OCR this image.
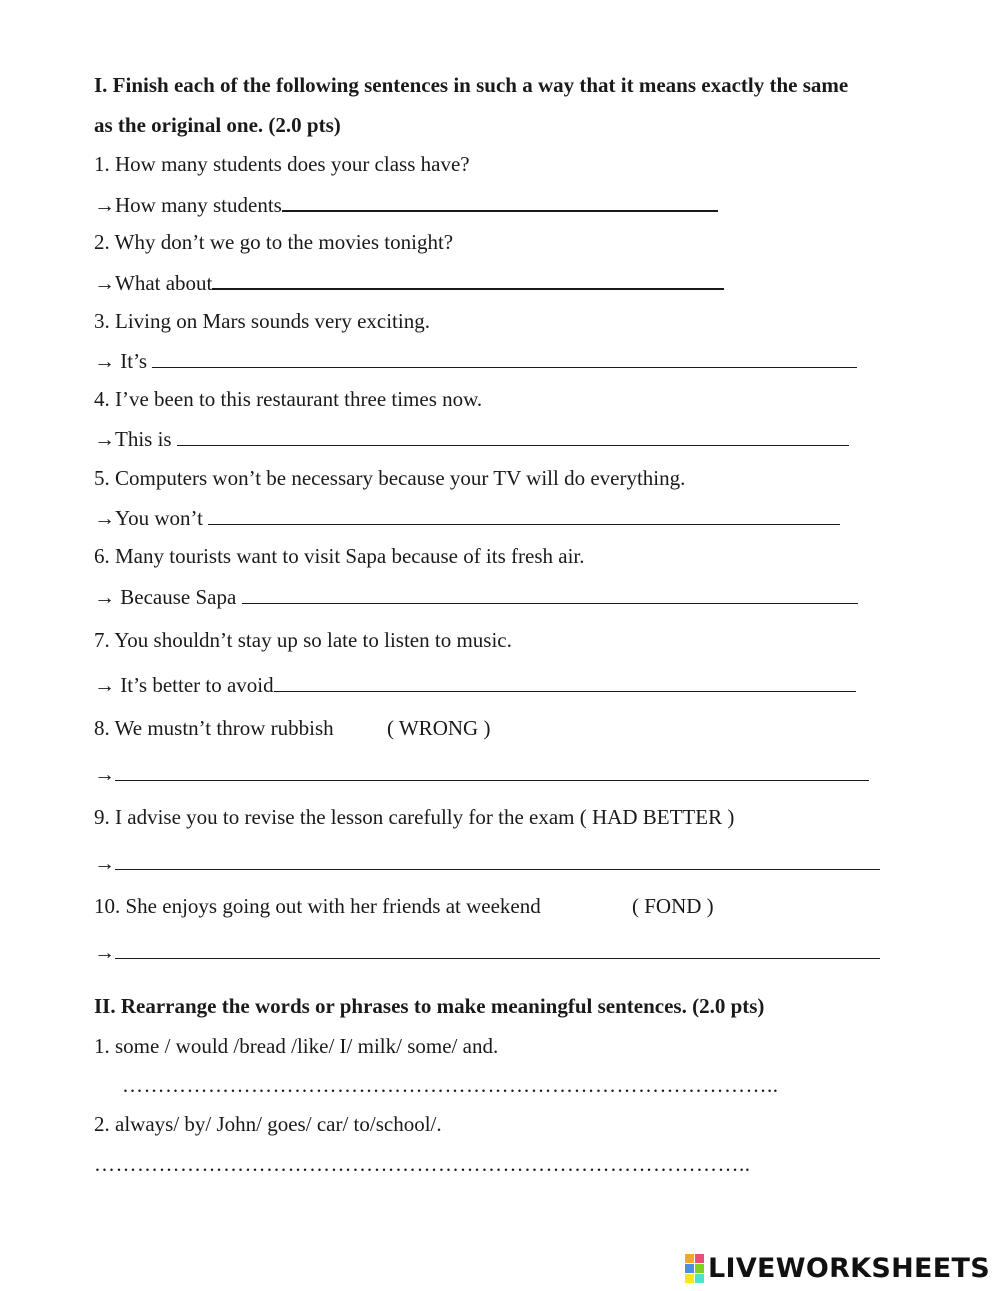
I. Finish each of the following sentences in such a way that it means exactly the same
as the original one. (2.0 pts)
1. How many students does your class have?
→How many students
2. Why don’t we go to the movies tonight?
→What about
3. Living on Mars sounds very exciting.
→ It’s
4. I’ve been to this restaurant three times now.
→This is
5. Computers won’t be necessary because your TV will do everything.
→You won’t
6. Many tourists want to visit Sapa because of its fresh air.
→ Because Sapa
7. You shouldn’t stay up so late to listen to music.
→ It’s better to avoid
8. We mustn’t throw rubbish	( WRONG )
→
9. I advise you to revise the lesson carefully for the exam ( HAD BETTER )
→
10. She enjoys going out with her friends at weekend	( FOND )
→
II. Rearrange the words or phrases to make meaningful sentences. (2.0 pts)
1. some / would /bread /like/ I/ milk/ some/ and.
………………………………………………………………………………..
2. always/ by/ John/ goes/ car/ to/school/.
………………………………………………………………………………..
LIVEWORKSHEETS
